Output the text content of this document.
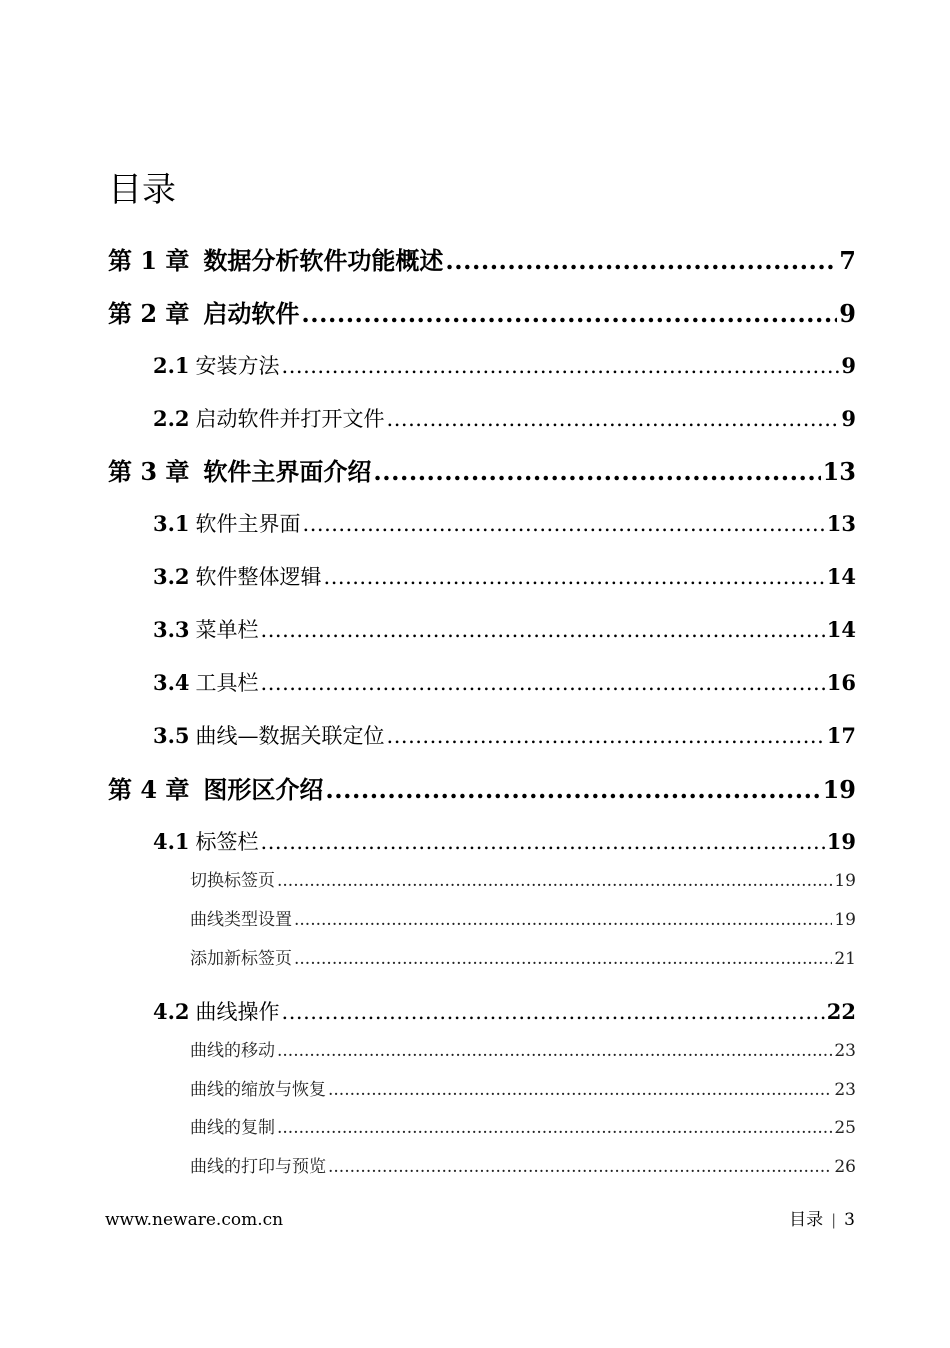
目录
第 1 章 数据分析软件功能概述 .....	7
第 2 章 启动软件 .....	9
2.1 安装方法 .....	9
2.2 启动软件并打开文件 .....	9
第 3 章 软件主界面介绍 .....	13
3.1 软件主界面 .....	13
3.2 软件整体逻辑 .....	14
3.3 菜单栏 .....	14
3.4 工具栏 .....	16
3.5 曲线—数据关联定位 .....	17
第 4 章 图形区介绍 .....	19
4.1 标签栏 .....	19
切换标签页 .....	19
曲线类型设置 .....	19
添加新标签页 .....	21
4.2 曲线操作 .....	22
曲线的移动 .....	23
曲线的缩放与恢复 .....	23
曲线的复制 .....	25
曲线的打印与预览 .....	26
www.neware.com.cn	目录 | 3
